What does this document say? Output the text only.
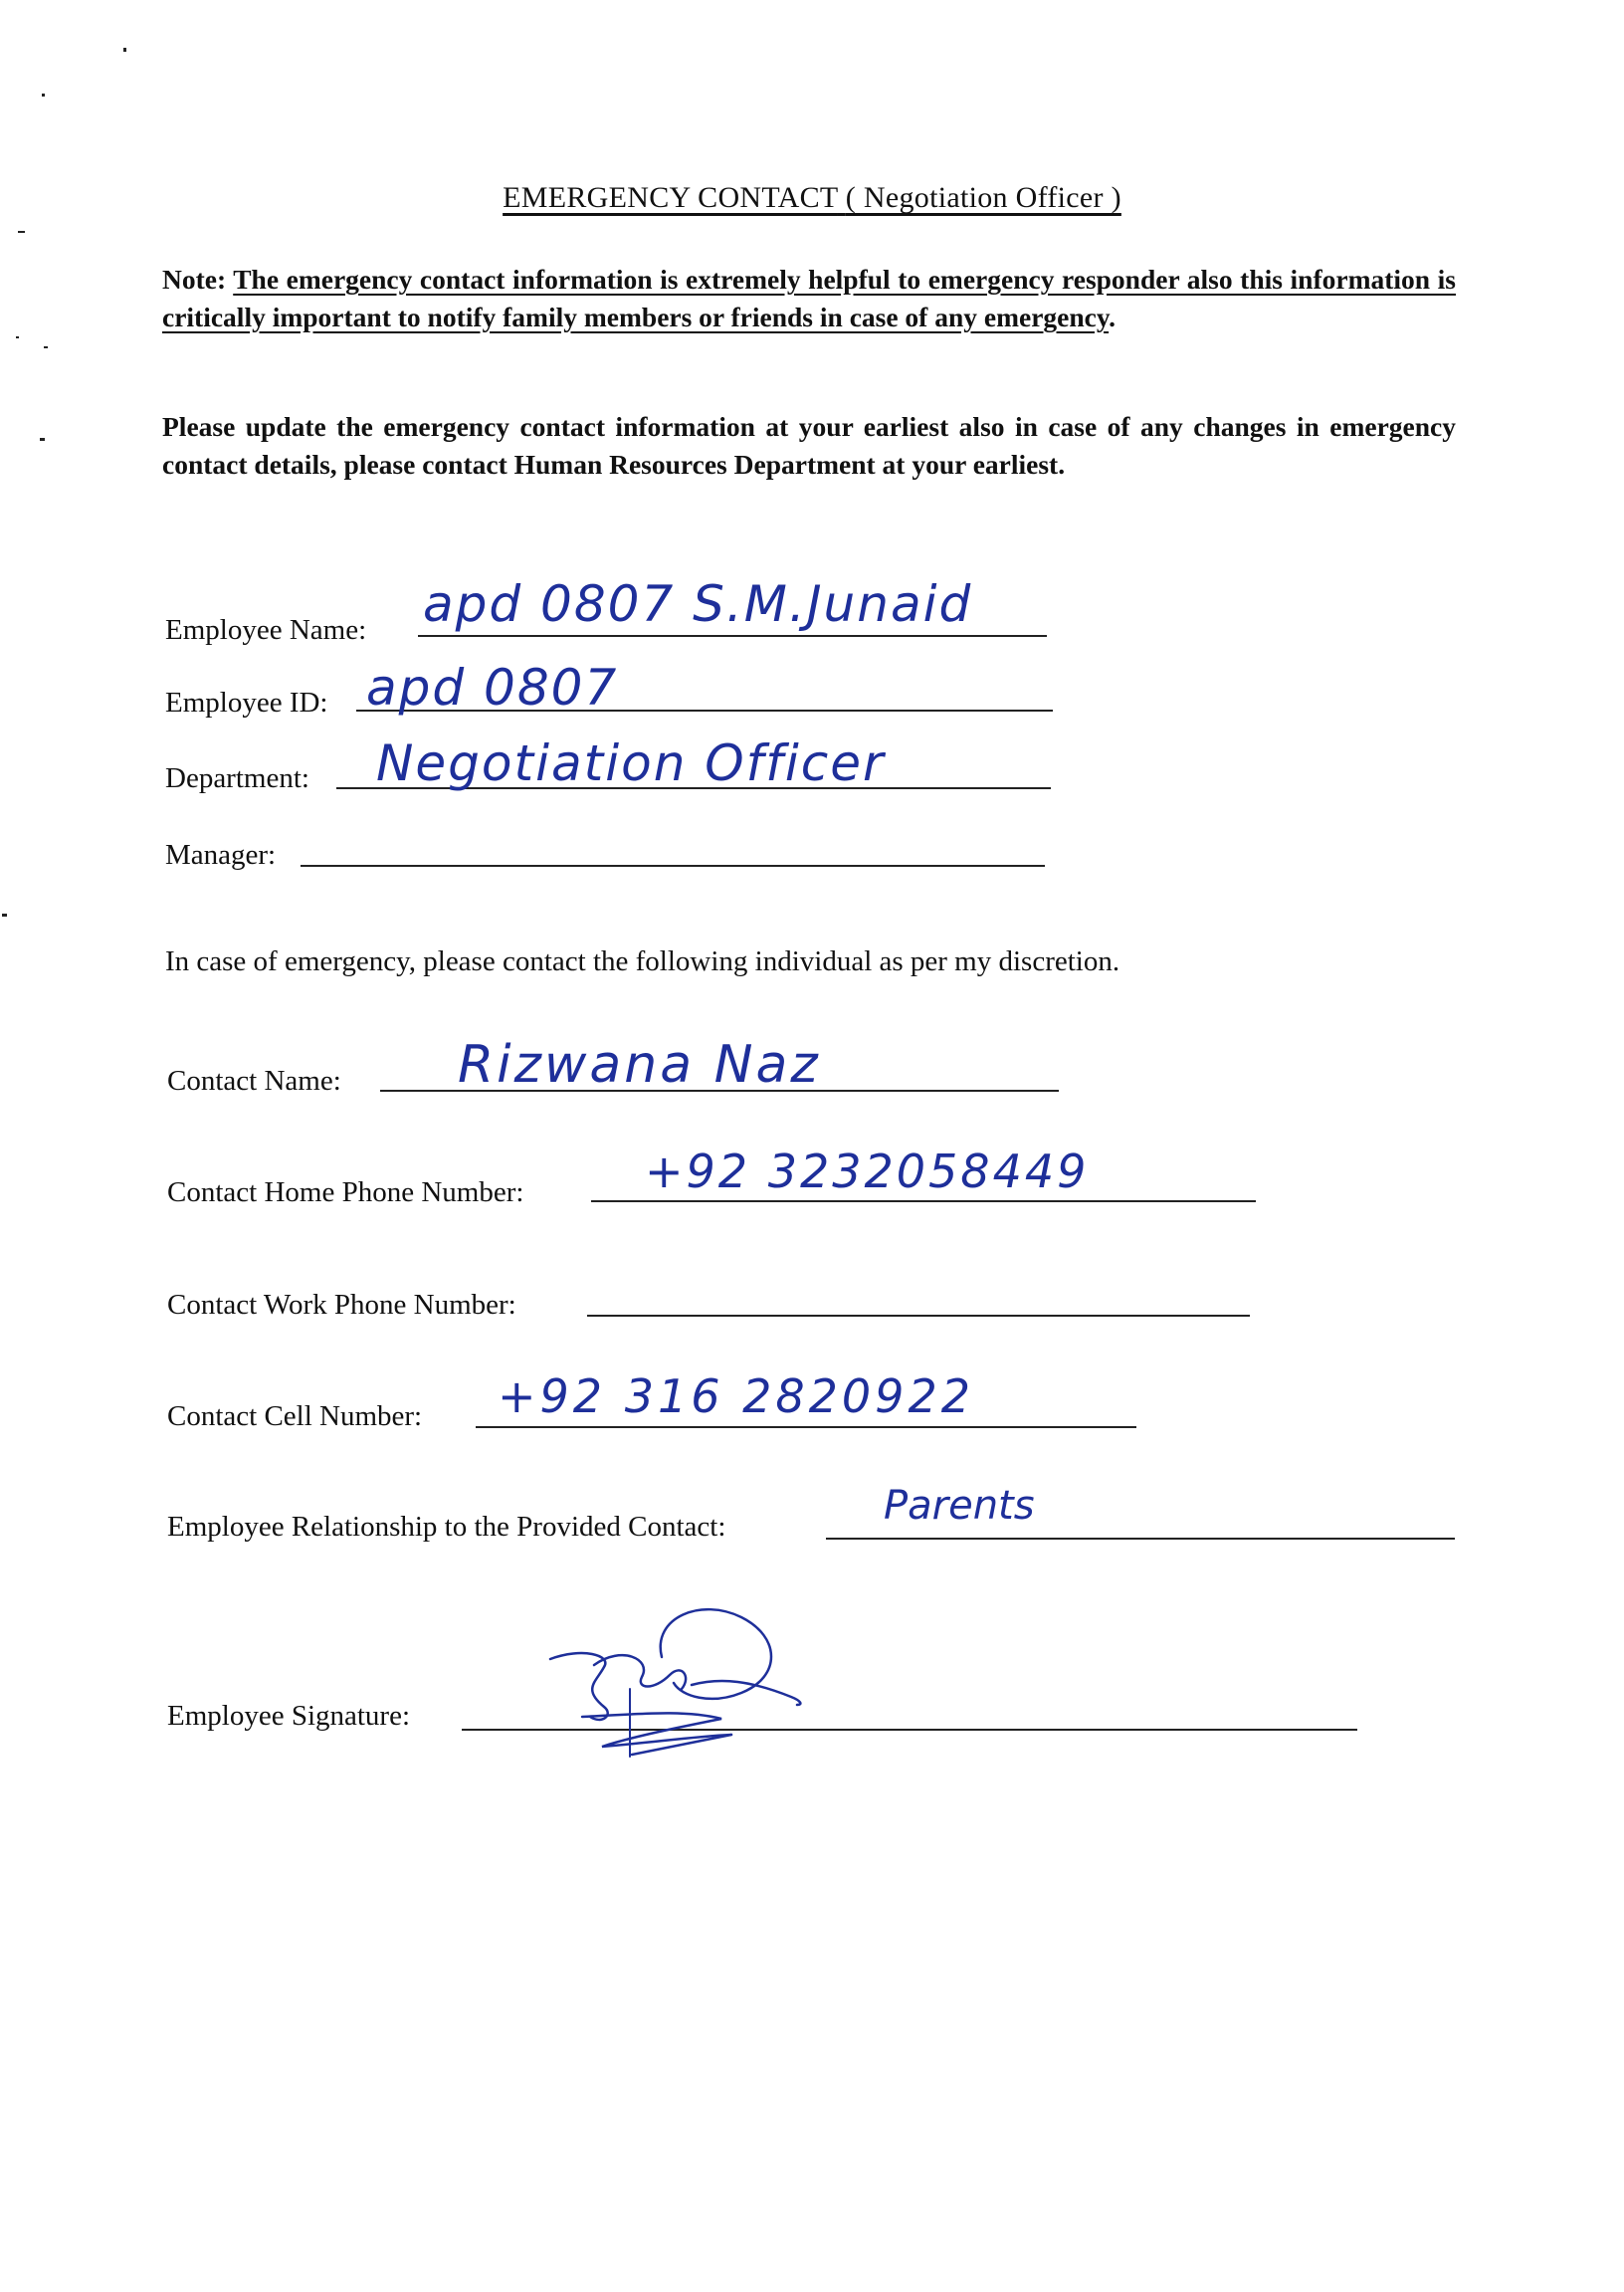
EMERGENCY CONTACT ( Negotiation Officer )
Note: The emergency contact information is extremely helpful to emergency responder also this information is critically important to notify family members or friends in case of any emergency.
Please update the emergency contact information at your earliest also in case of any changes in emergency contact details, please contact Human Resources Department at your earliest.
Employee Name: apd 0807 S.M.Junaid
Employee ID: apd 0807
Department: Negotiation Officer
Manager:
In case of emergency, please contact the following individual as per my discretion.
Contact Name: Rizwana Naz
Contact Home Phone Number:	+92 3232058449
Contact Work Phone Number:
Contact Cell Number: +92 316 2820922
Employee Relationship to the Provided Contact:	Parents
Employee Signature:
